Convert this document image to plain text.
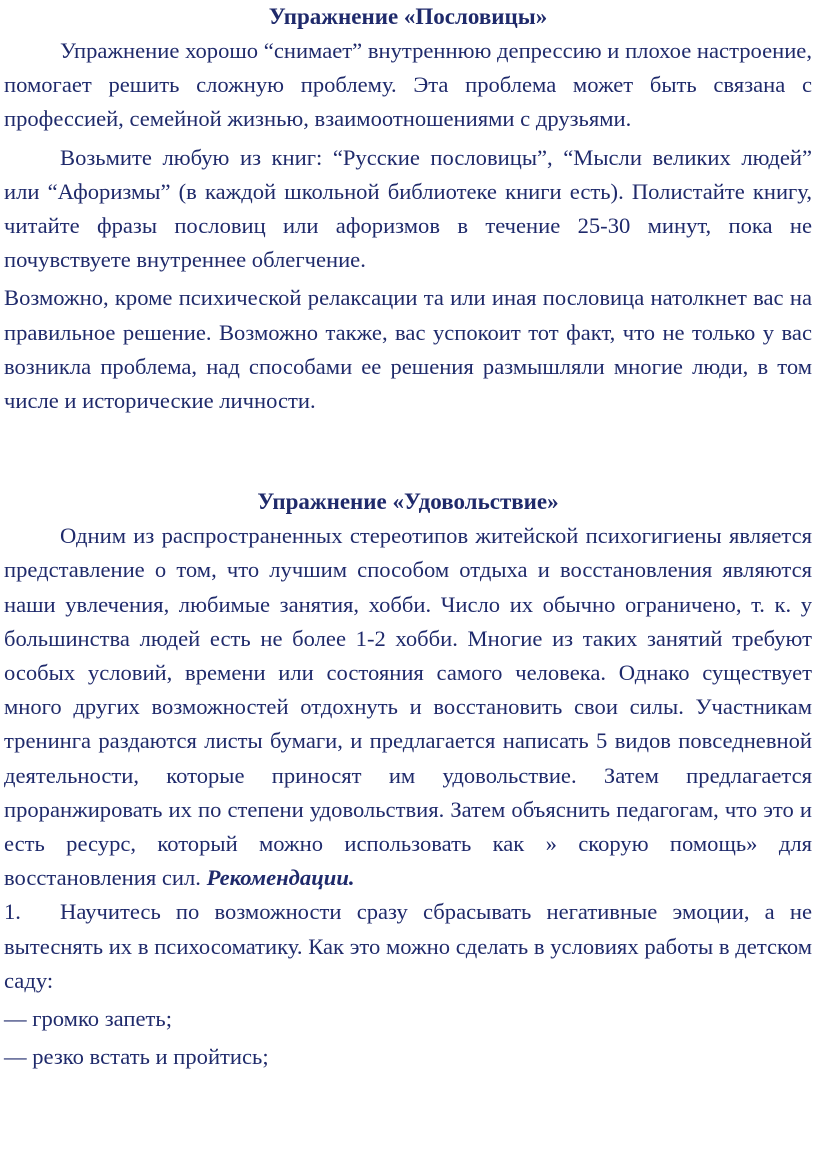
Упражнение «Пословицы»

Упражнение хорошо “снимает” внутреннюю депрессию и плохое настроение, помогает решить сложную проблему. Эта проблема может быть связана с профессией, семейной жизнью, взаимоотношениями с друзьями.

Возьмите любую из книг: “Русские пословицы”, “Мысли великих людей” или “Афоризмы” (в каждой школьной библиотеке книги есть). Полистайте книгу, читайте фразы пословиц или афоризмов в течение 25-30 минут, пока не почувствуете внутреннее облегчение.

Возможно, кроме психической релаксации та или иная пословица натолкнет вас на правильное решение. Возможно также, вас успокоит тот факт, что не только у вас возникла проблема, над способами ее решения размышляли многие люди, в том числе и исторические личности.

Упражнение «Удовольствие»

Одним из распространенных стереотипов житейской психогигиены является представление о том, что лучшим способом отдыха и восстановления являются наши увлечения, любимые занятия, хобби. Число их обычно ограничено, т. к. у большинства людей есть не более 1-2 хобби. Многие из таких занятий требуют особых условий, времени или состояния самого человека. Однако существует много других возможностей отдохнуть и восстановить свои силы. Участникам тренинга раздаются листы бумаги, и предлагается написать 5 видов повседневной деятельности, которые приносят им удовольствие. Затем предлагается проранжировать их по степени удовольствия. Затем объяснить педагогам, что это и есть ресурс, который можно использовать как » скорую помощь» для восстановления сил. Рекомендации.

1. Научитесь по возможности сразу сбрасывать негативные эмоции, а не вытеснять их в психосоматику. Как это можно сделать в условиях работы в детском саду:

— громко запеть;

— резко встать и пройтись;
